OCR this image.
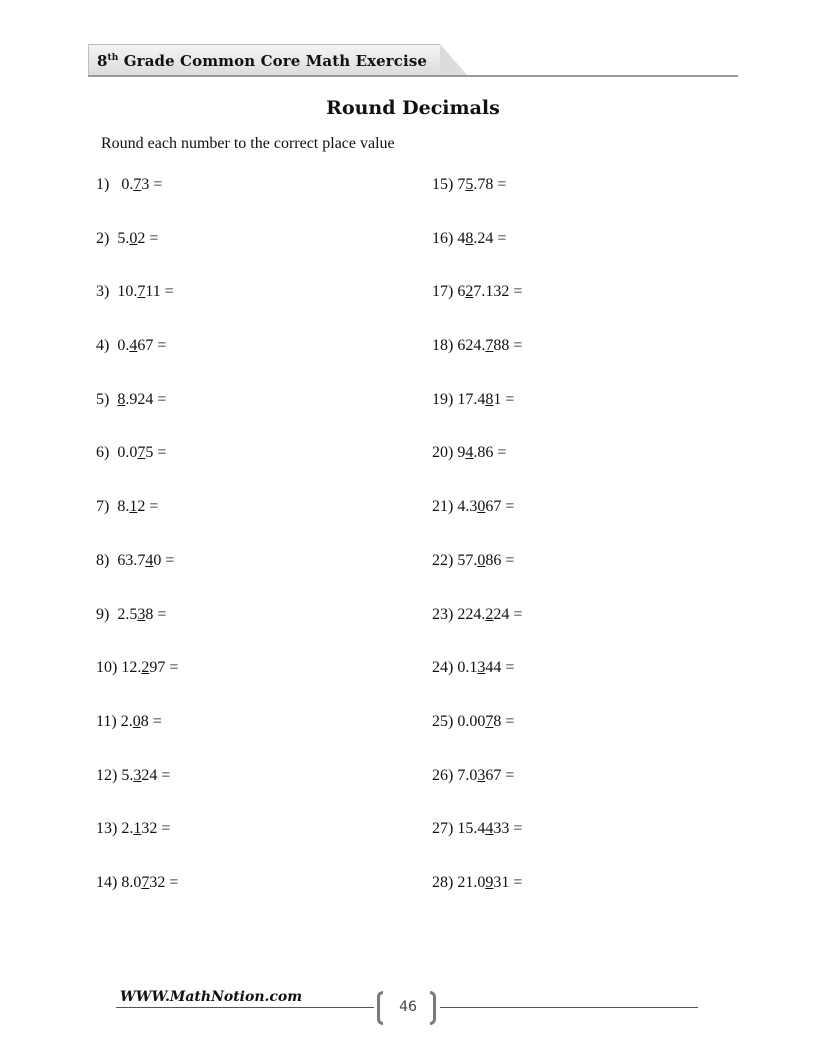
8th Grade Common Core Math Exercise
Round Decimals
Round each number to the correct place value
1)   0.73 =
2)  5.02 =
3)  10.711 =
4)  0.467 =
5)  8.924 =
6)  0.075 =
7)  8.12 =
8)  63.740 =
9)  2.538 =
10) 12.297 =
11) 2.08 =
12) 5.324 =
13) 2.132 =
14) 8.0732 =
15) 75.78 =
16) 48.24 =
17) 627.132 =
18) 624.788 =
19) 17.481 =
20) 94.86 =
21) 4.3067 =
22) 57.086 =
23) 224.224 =
24) 0.1344 =
25) 0.0078 =
26) 7.0367 =
27) 15.4433 =
28) 21.0931 =
WWW.MathNotion.com
46
